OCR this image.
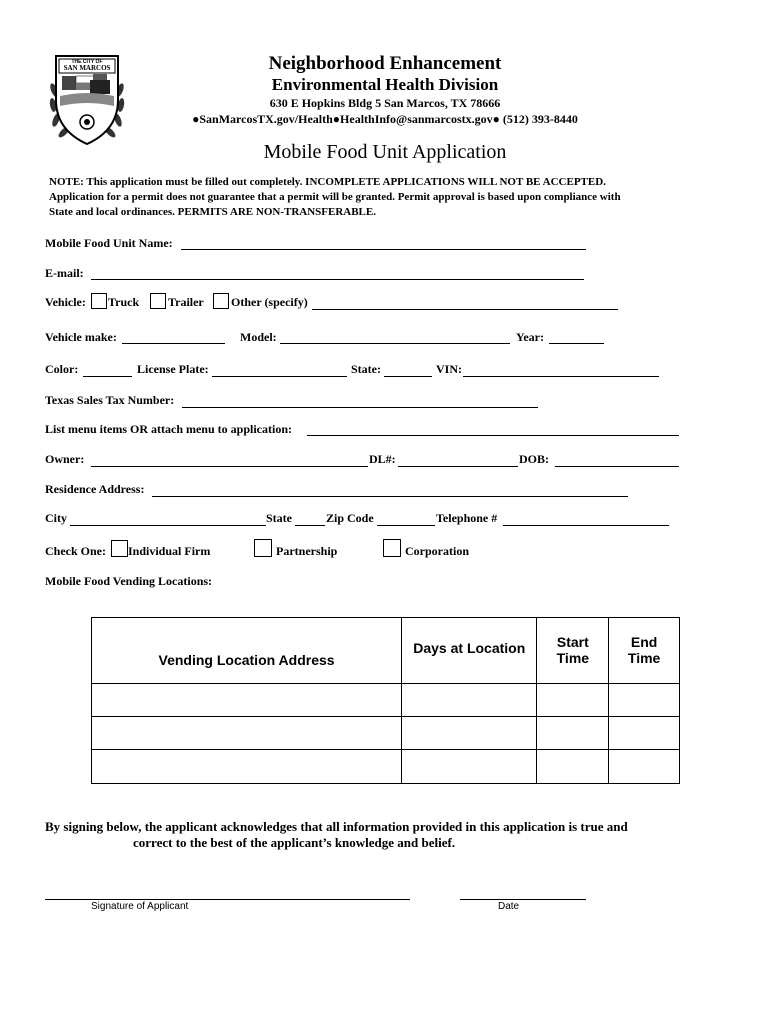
THE CITY OF
SAN MARCOS	Neighborhood Enhancement
Environmental Health Division
630 E Hopkins Bldg 5 San Marcos, TX 78666
●SanMarcosTX.gov/Health●HealthInfo@sanmarcostx.gov● (512) 393-8440
Mobile Food Unit Application
NOTE: This application must be filled out completely. INCOMPLETE APPLICATIONS WILL NOT BE ACCEPTED.
Application for a permit does not guarantee that a permit will be granted. Permit approval is based upon compliance with
State and local ordinances. PERMITS ARE NON-TRANSFERABLE.
Mobile Food Unit Name:
E-mail:
Vehicle: Truck Trailer Other (specify)
Vehicle make:	Model:	Year:
Color:	License Plate:	State:	VIN:
Texas Sales Tax Number:
List menu items OR attach menu to application:
Owner:	DL#:	DOB:
Residence Address:
City	State	Zip Code	Telephone #
Check One: Individual Firm	Partnership	Corporation
Mobile Food Vending Locations:
Vending Location Address	Days at Location	Start Time	End Time

By signing below, the applicant acknowledges that all information provided in this application is true and
correct to the best of the applicant’s knowledge and belief.
Signature of Applicant	Date
